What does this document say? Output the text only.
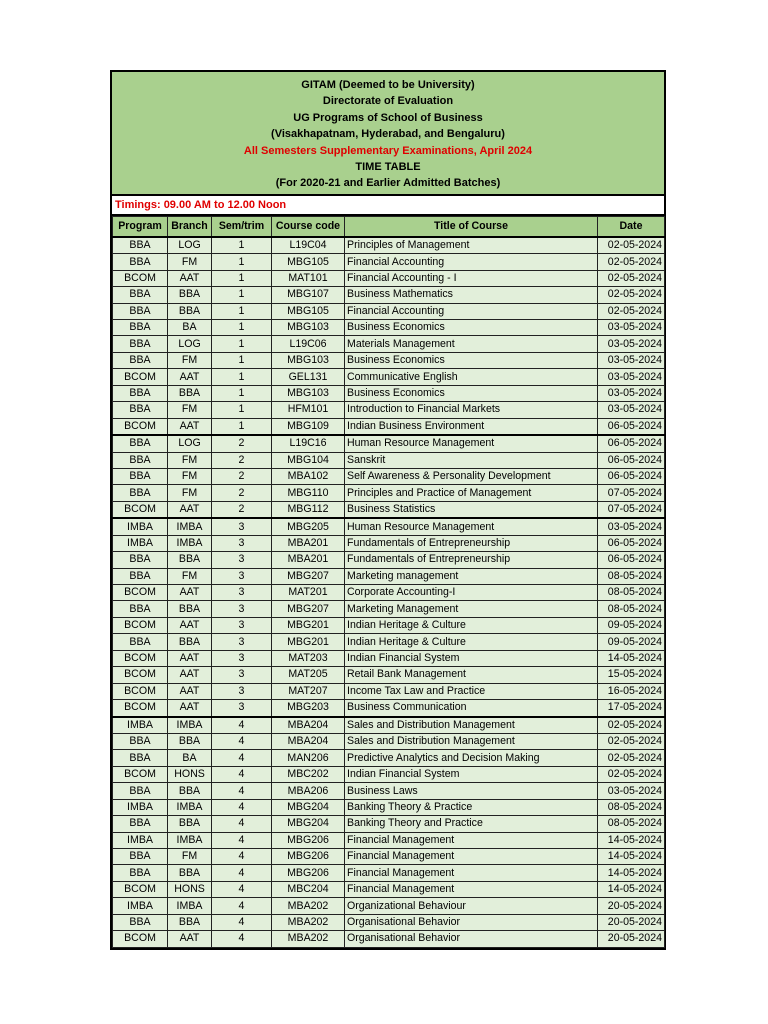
GITAM (Deemed to be University)
Directorate of Evaluation
UG Programs of School of Business
(Visakhapatnam, Hyderabad, and Bengaluru)
All Semesters Supplementary Examinations, April 2024
TIME TABLE
(For 2020-21 and Earlier Admitted Batches)
Timings: 09.00 AM to 12.00 Noon
Program	Branch	Sem/trim	Course code	Title of Course	Date
BBA	LOG	1	L19C04	Principles of Management	02-05-2024
BBA	FM	1	MBG105	Financial Accounting	02-05-2024
BCOM	AAT	1	MAT101	Financial Accounting - I	02-05-2024
BBA	BBA	1	MBG107	Business Mathematics	02-05-2024
BBA	BBA	1	MBG105	Financial Accounting	02-05-2024
BBA	BA	1	MBG103	Business Economics	03-05-2024
BBA	LOG	1	L19C06	Materials Management	03-05-2024
BBA	FM	1	MBG103	Business Economics	03-05-2024
BCOM	AAT	1	GEL131	Communicative English	03-05-2024
BBA	BBA	1	MBG103	Business Economics	03-05-2024
BBA	FM	1	HFM101	Introduction to Financial Markets	03-05-2024
BCOM	AAT	1	MBG109	Indian Business Environment	06-05-2024
BBA	LOG	2	L19C16	Human Resource Management	06-05-2024
BBA	FM	2	MBG104	Sanskrit	06-05-2024
BBA	FM	2	MBA102	Self Awareness & Personality Development	06-05-2024
BBA	FM	2	MBG110	Principles and Practice of Management	07-05-2024
BCOM	AAT	2	MBG112	Business Statistics	07-05-2024
IMBA	IMBA	3	MBG205	Human Resource Management	03-05-2024
IMBA	IMBA	3	MBA201	Fundamentals of Entrepreneurship	06-05-2024
BBA	BBA	3	MBA201	Fundamentals of Entrepreneurship	06-05-2024
BBA	FM	3	MBG207	Marketing management	08-05-2024
BCOM	AAT	3	MAT201	Corporate Accounting-I	08-05-2024
BBA	BBA	3	MBG207	Marketing Management	08-05-2024
BCOM	AAT	3	MBG201	Indian Heritage & Culture	09-05-2024
BBA	BBA	3	MBG201	Indian Heritage & Culture	09-05-2024
BCOM	AAT	3	MAT203	Indian Financial System	14-05-2024
BCOM	AAT	3	MAT205	Retail Bank Management	15-05-2024
BCOM	AAT	3	MAT207	Income Tax Law and Practice	16-05-2024
BCOM	AAT	3	MBG203	Business Communication	17-05-2024
IMBA	IMBA	4	MBA204	Sales and Distribution Management	02-05-2024
BBA	BBA	4	MBA204	Sales and Distribution Management	02-05-2024
BBA	BA	4	MAN206	Predictive Analytics and Decision Making	02-05-2024
BCOM	HONS	4	MBC202	Indian Financial System	02-05-2024
BBA	BBA	4	MBA206	Business Laws	03-05-2024
IMBA	IMBA	4	MBG204	Banking Theory & Practice	08-05-2024
BBA	BBA	4	MBG204	Banking Theory and Practice	08-05-2024
IMBA	IMBA	4	MBG206	Financial Management	14-05-2024
BBA	FM	4	MBG206	Financial Management	14-05-2024
BBA	BBA	4	MBG206	Financial Management	14-05-2024
BCOM	HONS	4	MBC204	Financial Management	14-05-2024
IMBA	IMBA	4	MBA202	Organizational Behaviour	20-05-2024
BBA	BBA	4	MBA202	Organisational Behavior	20-05-2024
BCOM	AAT	4	MBA202	Organisational Behavior	20-05-2024
